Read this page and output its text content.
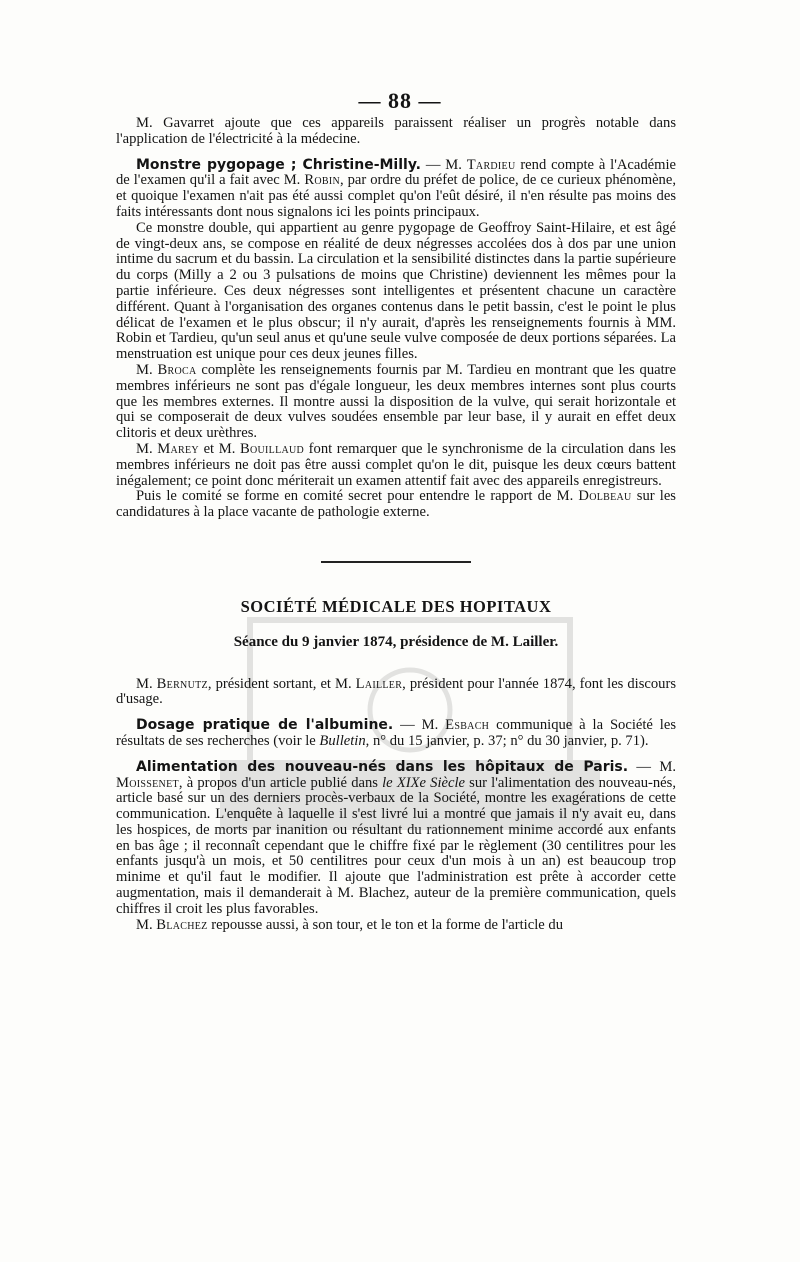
— 88 —

M. Gavarret ajoute que ces appareils paraissent réaliser un progrès notable dans l'application de l'électricité à la médecine.

Monstre pygopage ; Christine-Milly. — M. Tardieu rend compte à l'Académie de l'examen qu'il a fait avec M. Robin, par ordre du préfet de police, de ce curieux phénomène, et quoique l'examen n'ait pas été aussi complet qu'on l'eût désiré, il n'en résulte pas moins des faits intéressants dont nous signalons ici les points principaux.

Ce monstre double, qui appartient au genre pygopage de Geoffroy Saint-Hilaire, et est âgé de vingt-deux ans, se compose en réalité de deux négresses accolées dos à dos par une union intime du sacrum et du bassin. La circulation et la sensibilité distinctes dans la partie supérieure du corps (Milly a 2 ou 3 pulsations de moins que Christine) deviennent les mêmes pour la partie inférieure. Ces deux négresses sont intelligentes et présentent chacune un caractère différent. Quant à l'organisation des organes contenus dans le petit bassin, c'est le point le plus délicat de l'examen et le plus obscur; il n'y aurait, d'après les renseignements fournis à MM. Robin et Tardieu, qu'un seul anus et qu'une seule vulve composée de deux portions séparées. La menstruation est unique pour ces deux jeunes filles.

M. Broca complète les renseignements fournis par M. Tardieu en montrant que les quatre membres inférieurs ne sont pas d'égale longueur, les deux membres internes sont plus courts que les membres externes. Il montre aussi la disposition de la vulve, qui serait horizontale et qui se composerait de deux vulves soudées ensemble par leur base, il y aurait en effet deux clitoris et deux urèthres.

M. Marey et M. Bouillaud font remarquer que le synchronisme de la circulation dans les membres inférieurs ne doit pas être aussi complet qu'on le dit, puisque les deux cœurs battent inégalement; ce point donc mériterait un examen attentif fait avec des appareils enregistreurs.

Puis le comité se forme en comité secret pour entendre le rapport de M. Dolbeau sur les candidatures à la place vacante de pathologie externe.

SOCIÉTÉ MÉDICALE DES HOPITAUX
Séance du 9 janvier 1874, présidence de M. Lailler.

M. Bernutz, président sortant, et M. Lailler, président pour l'année 1874, font les discours d'usage.

Dosage pratique de l'albumine. — M. Esbach communique à la Société les résultats de ses recherches (voir le Bulletin, n° du 15 janvier, p. 37; n° du 30 janvier, p. 71).

Alimentation des nouveau-nés dans les hôpitaux de Paris. — M. Moissenet, à propos d'un article publié dans le XIXe Siècle sur l'alimentation des nouveau-nés, article basé sur un des derniers procès-verbaux de la Société, montre les exagérations de cette communication. L'enquête à laquelle il s'est livré lui a montré que jamais il n'y avait eu, dans les hospices, de morts par inanition ou résultant du rationnement minime accordé aux enfants en bas âge ; il reconnaît cependant que le chiffre fixé par le règlement (30 centilitres pour les enfants jusqu'à un mois, et 50 centilitres pour ceux d'un mois à un an) est beaucoup trop minime et qu'il faut le modifier. Il ajoute que l'administration est prête à accorder cette augmentation, mais il demanderait à M. Blachez, auteur de la première communication, quels chiffres il croit les plus favorables.

M. Blachez repousse aussi, à son tour, et le ton et la forme de l'article du
